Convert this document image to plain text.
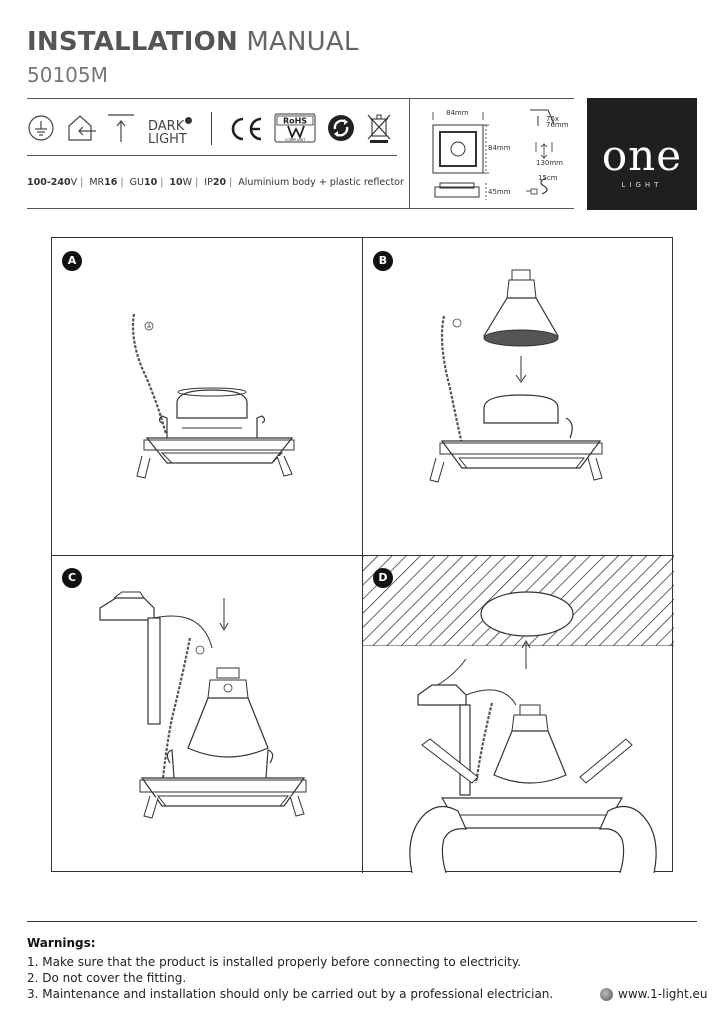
INSTALLATION MANUAL
50105M
DARK
LIGHT
RoHS
COMPLIANT
100-240V | MR16 | GU10 | 10W | IP20 | Aluminium body + plastic reflector
84mm
84mm
45mm
76x
76mm
130mm
15cm	one
LIGHT
A	B
C	D
Warnings:
1. Make sure that the product is installed properly before connecting to electricity.
2. Do not cover the fitting.
3. Maintenance and installation should only be carried out by a professional electrician.	www.1-light.eu
